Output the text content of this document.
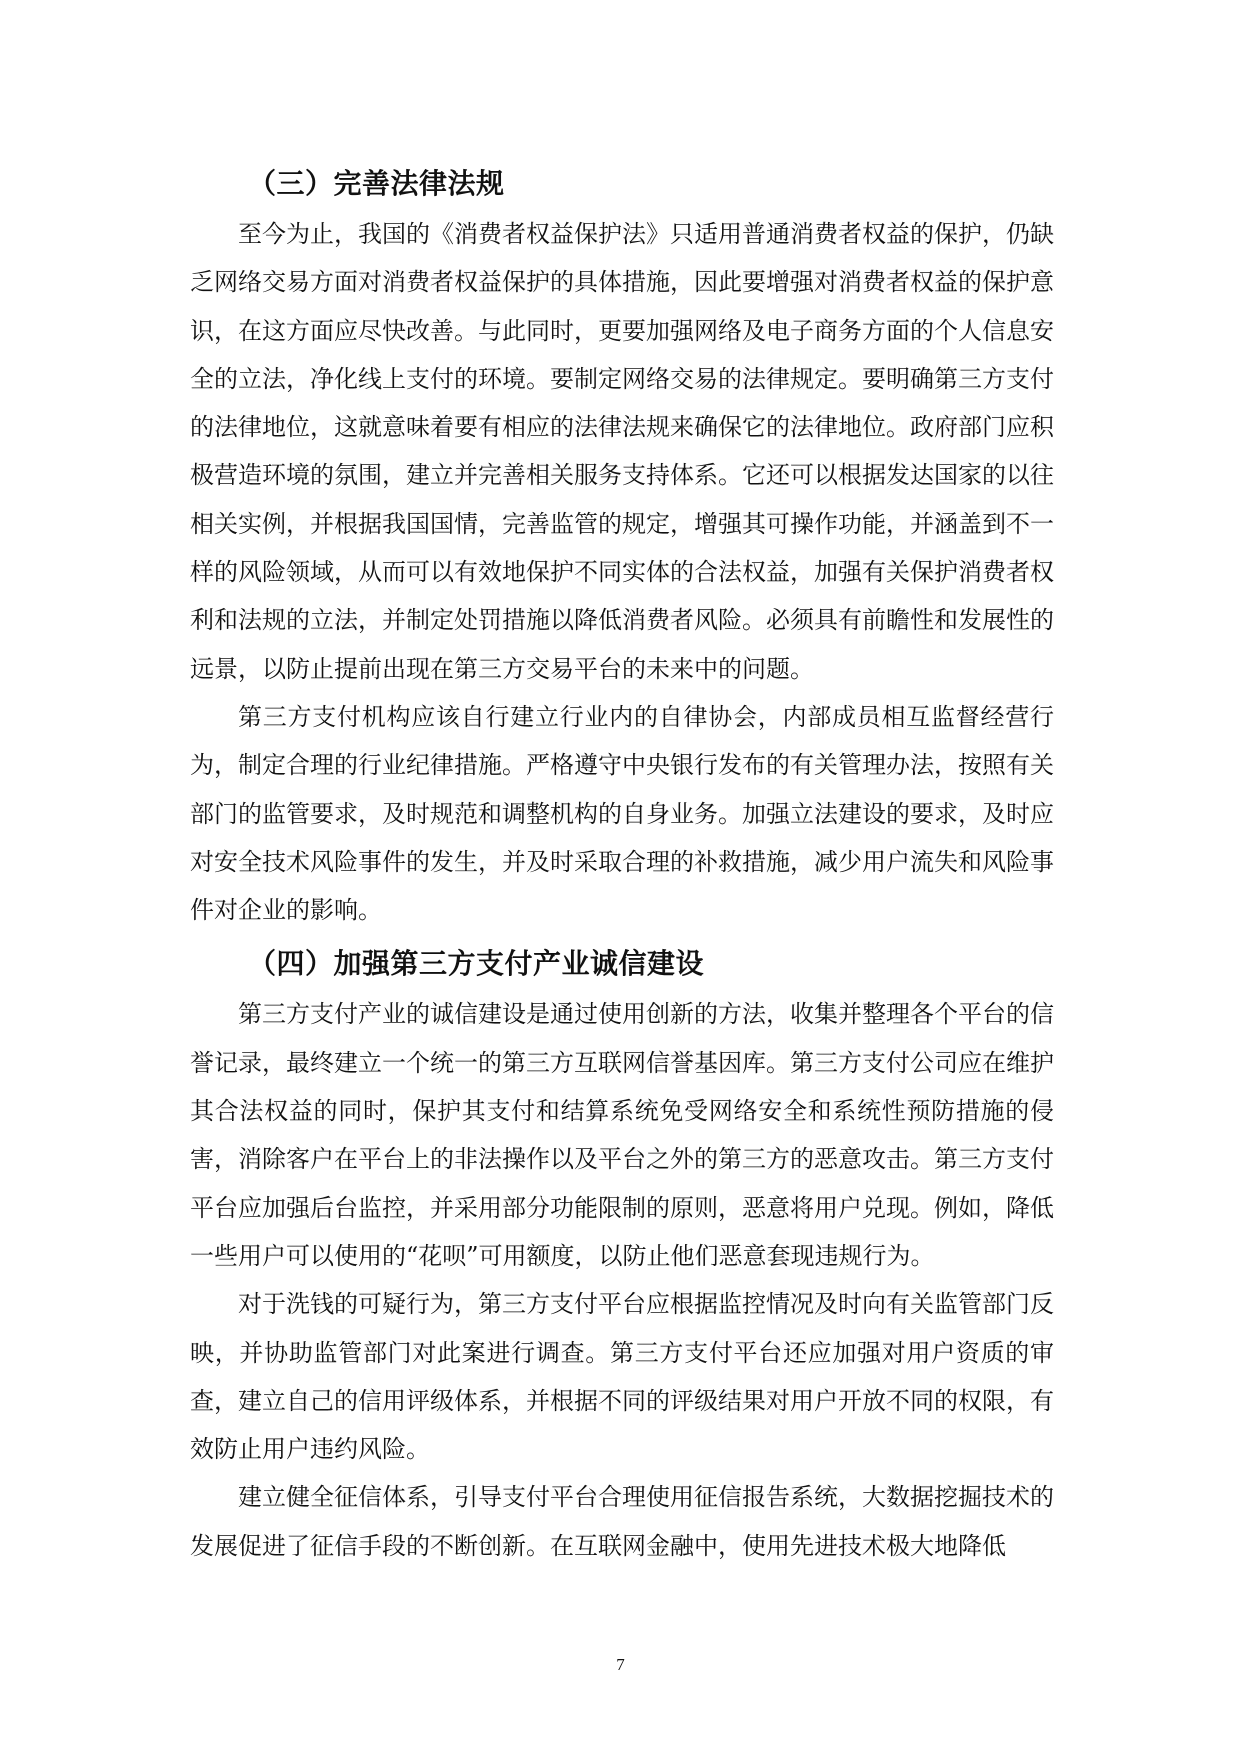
（三）完善法律法规

至今为止，我国的《消费者权益保护法》只适用普通消费者权益的保护，仍缺乏网络交易方面对消费者权益保护的具体措施，因此要增强对消费者权益的保护意识，在这方面应尽快改善。与此同时，更要加强网络及电子商务方面的个人信息安全的立法，净化线上支付的环境。要制定网络交易的法律规定。要明确第三方支付的法律地位，这就意味着要有相应的法律法规来确保它的法律地位。政府部门应积极营造环境的氛围，建立并完善相关服务支持体系。它还可以根据发达国家的以往相关实例，并根据我国国情，完善监管的规定，增强其可操作功能，并涵盖到不一样的风险领域，从而可以有效地保护不同实体的合法权益，加强有关保护消费者权利和法规的立法，并制定处罚措施以降低消费者风险。必须具有前瞻性和发展性的远景，以防止提前出现在第三方交易平台的未来中的问题。

第三方支付机构应该自行建立行业内的自律协会，内部成员相互监督经营行为，制定合理的行业纪律措施。严格遵守中央银行发布的有关管理办法，按照有关部门的监管要求，及时规范和调整机构的自身业务。加强立法建设的要求，及时应对安全技术风险事件的发生，并及时采取合理的补救措施，减少用户流失和风险事件对企业的影响。

（四）加强第三方支付产业诚信建设

第三方支付产业的诚信建设是通过使用创新的方法，收集并整理各个平台的信誉记录，最终建立一个统一的第三方互联网信誉基因库。第三方支付公司应在维护其合法权益的同时，保护其支付和结算系统免受网络安全和系统性预防措施的侵害，消除客户在平台上的非法操作以及平台之外的第三方的恶意攻击。第三方支付平台应加强后台监控，并采用部分功能限制的原则，恶意将用户兑现。例如，降低一些用户可以使用的“花呗”可用额度，以防止他们恶意套现违规行为。

对于洗钱的可疑行为，第三方支付平台应根据监控情况及时向有关监管部门反映，并协助监管部门对此案进行调查。第三方支付平台还应加强对用户资质的审查，建立自己的信用评级体系，并根据不同的评级结果对用户开放不同的权限，有效防止用户违约风险。

建立健全征信体系，引导支付平台合理使用征信报告系统，大数据挖掘技术的发展促进了征信手段的不断创新。在互联网金融中，使用先进技术极大地降低

7
